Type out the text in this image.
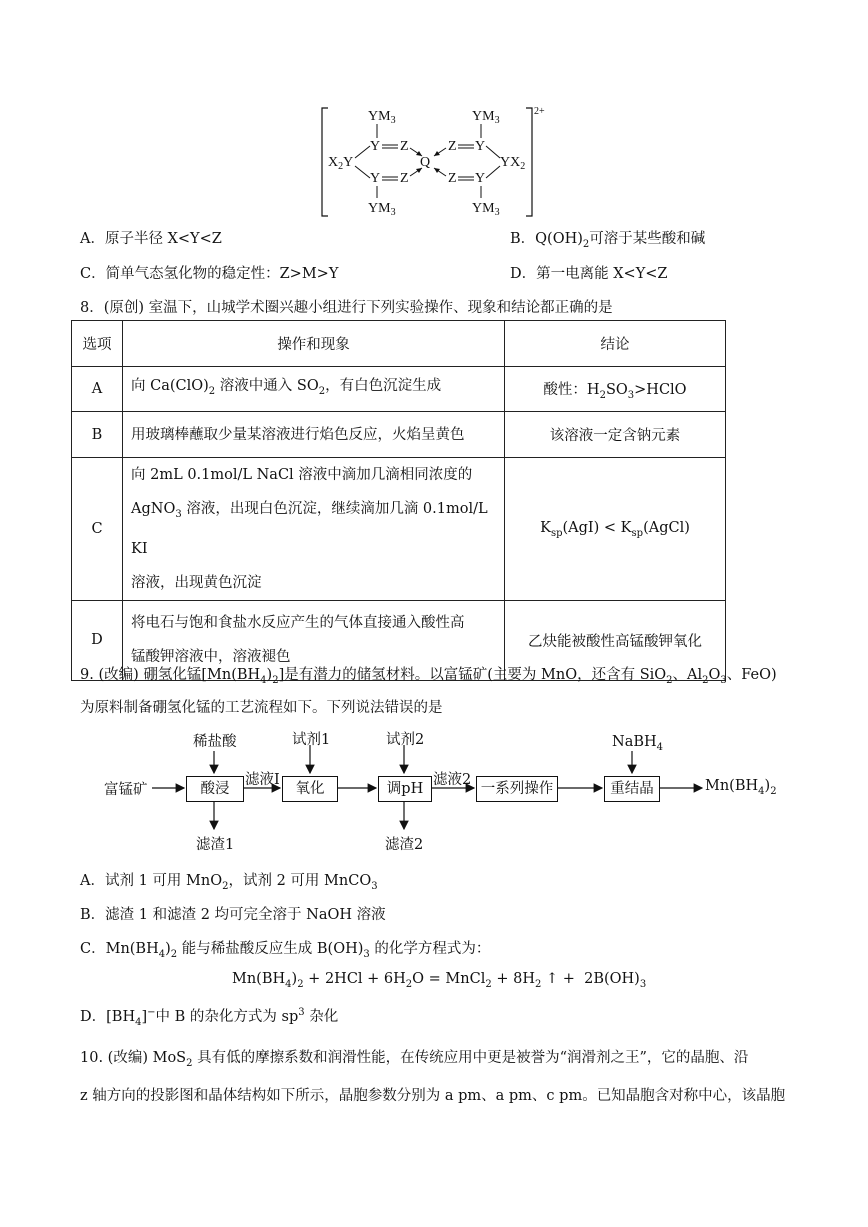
2+
$YM_3$
Y Z
$X_2Y$
Y Z
$YM_3$
Q
$YM_3$
Z Y
$YX_2$
Z Y
$YM_3$
A．原子半径 X<Y<Z	B．$Q(OH)_2$可溶于某些酸和碱
C．简单气态氢化物的稳定性：Z>M>Y	D．第一电离能 X<Y<Z
8．(原创) 室温下，山城学术圈兴趣小组进行下列实验操作、现象和结论都正确的是
选项	操作和现象	结论
A	向 $Ca(ClO)_2$ 溶液中通入 $SO_2$，有白色沉淀生成	酸性：$H_2SO_3>HClO$
B	用玻璃棒蘸取少量某溶液进行焰色反应，火焰呈黄色	该溶液一定含钠元素
C	向 2mL 0.1mol/L NaCl 溶液中滴加几滴相同浓度的
AgNO$_3$ 溶液，出现白色沉淀，继续滴加几滴 0.1mol/L KI
溶液，出现黄色沉淀	$K_{sp}(AgI)$ < $K_{sp}(AgCl)$
D	将电石与饱和食盐水反应产生的气体直接通入酸性高
锰酸钾溶液中，溶液褪色	乙炔能被酸性高锰酸钾氧化
9. (改编) 硼氢化锰$[Mn(BH_4)_2]$是有潜力的储氢材料。以富锰矿(主要为 MnO，还含有 SiO$_2$、$Al_2O_3$、FeO)
为原料制备硼氢化锰的工艺流程如下。下列说法错误的是
富锰矿
稀盐酸
酸浸
滤液I
滤渣1
试剂1
氧化
试剂2
调pH
滤液2
滤渣2
一系列操作
NaBH$_4$
重结晶	$Mn(BH_4)_2$
A．试剂 1 可用 MnO$_2$，试剂 2 可用 MnCO$_3$
B．滤渣 1 和滤渣 2 均可完全溶于 NaOH 溶液
C．$Mn(BH_4)_2$ 能与稀盐酸反应生成 $B(OH)_3$ 的化学方程式为：
$Mn(BH_4)_2 + 2HCl + 6H_2O$ = MnCl$_2$ + $8H_2$ ↑ +  $2B(OH)_3$
D．$[BH_4]^-$中 B 的杂化方式为 $sp^3$ 杂化
10. (改编) MoS$_2$ 具有低的摩擦系数和润滑性能，在传统应用中更是被誉为“润滑剂之王”，它的晶胞、沿
z 轴方向的投影图和晶体结构如下所示，晶胞参数分别为 a pm、a pm、c pm。已知晶胞含对称中心，该晶胞
